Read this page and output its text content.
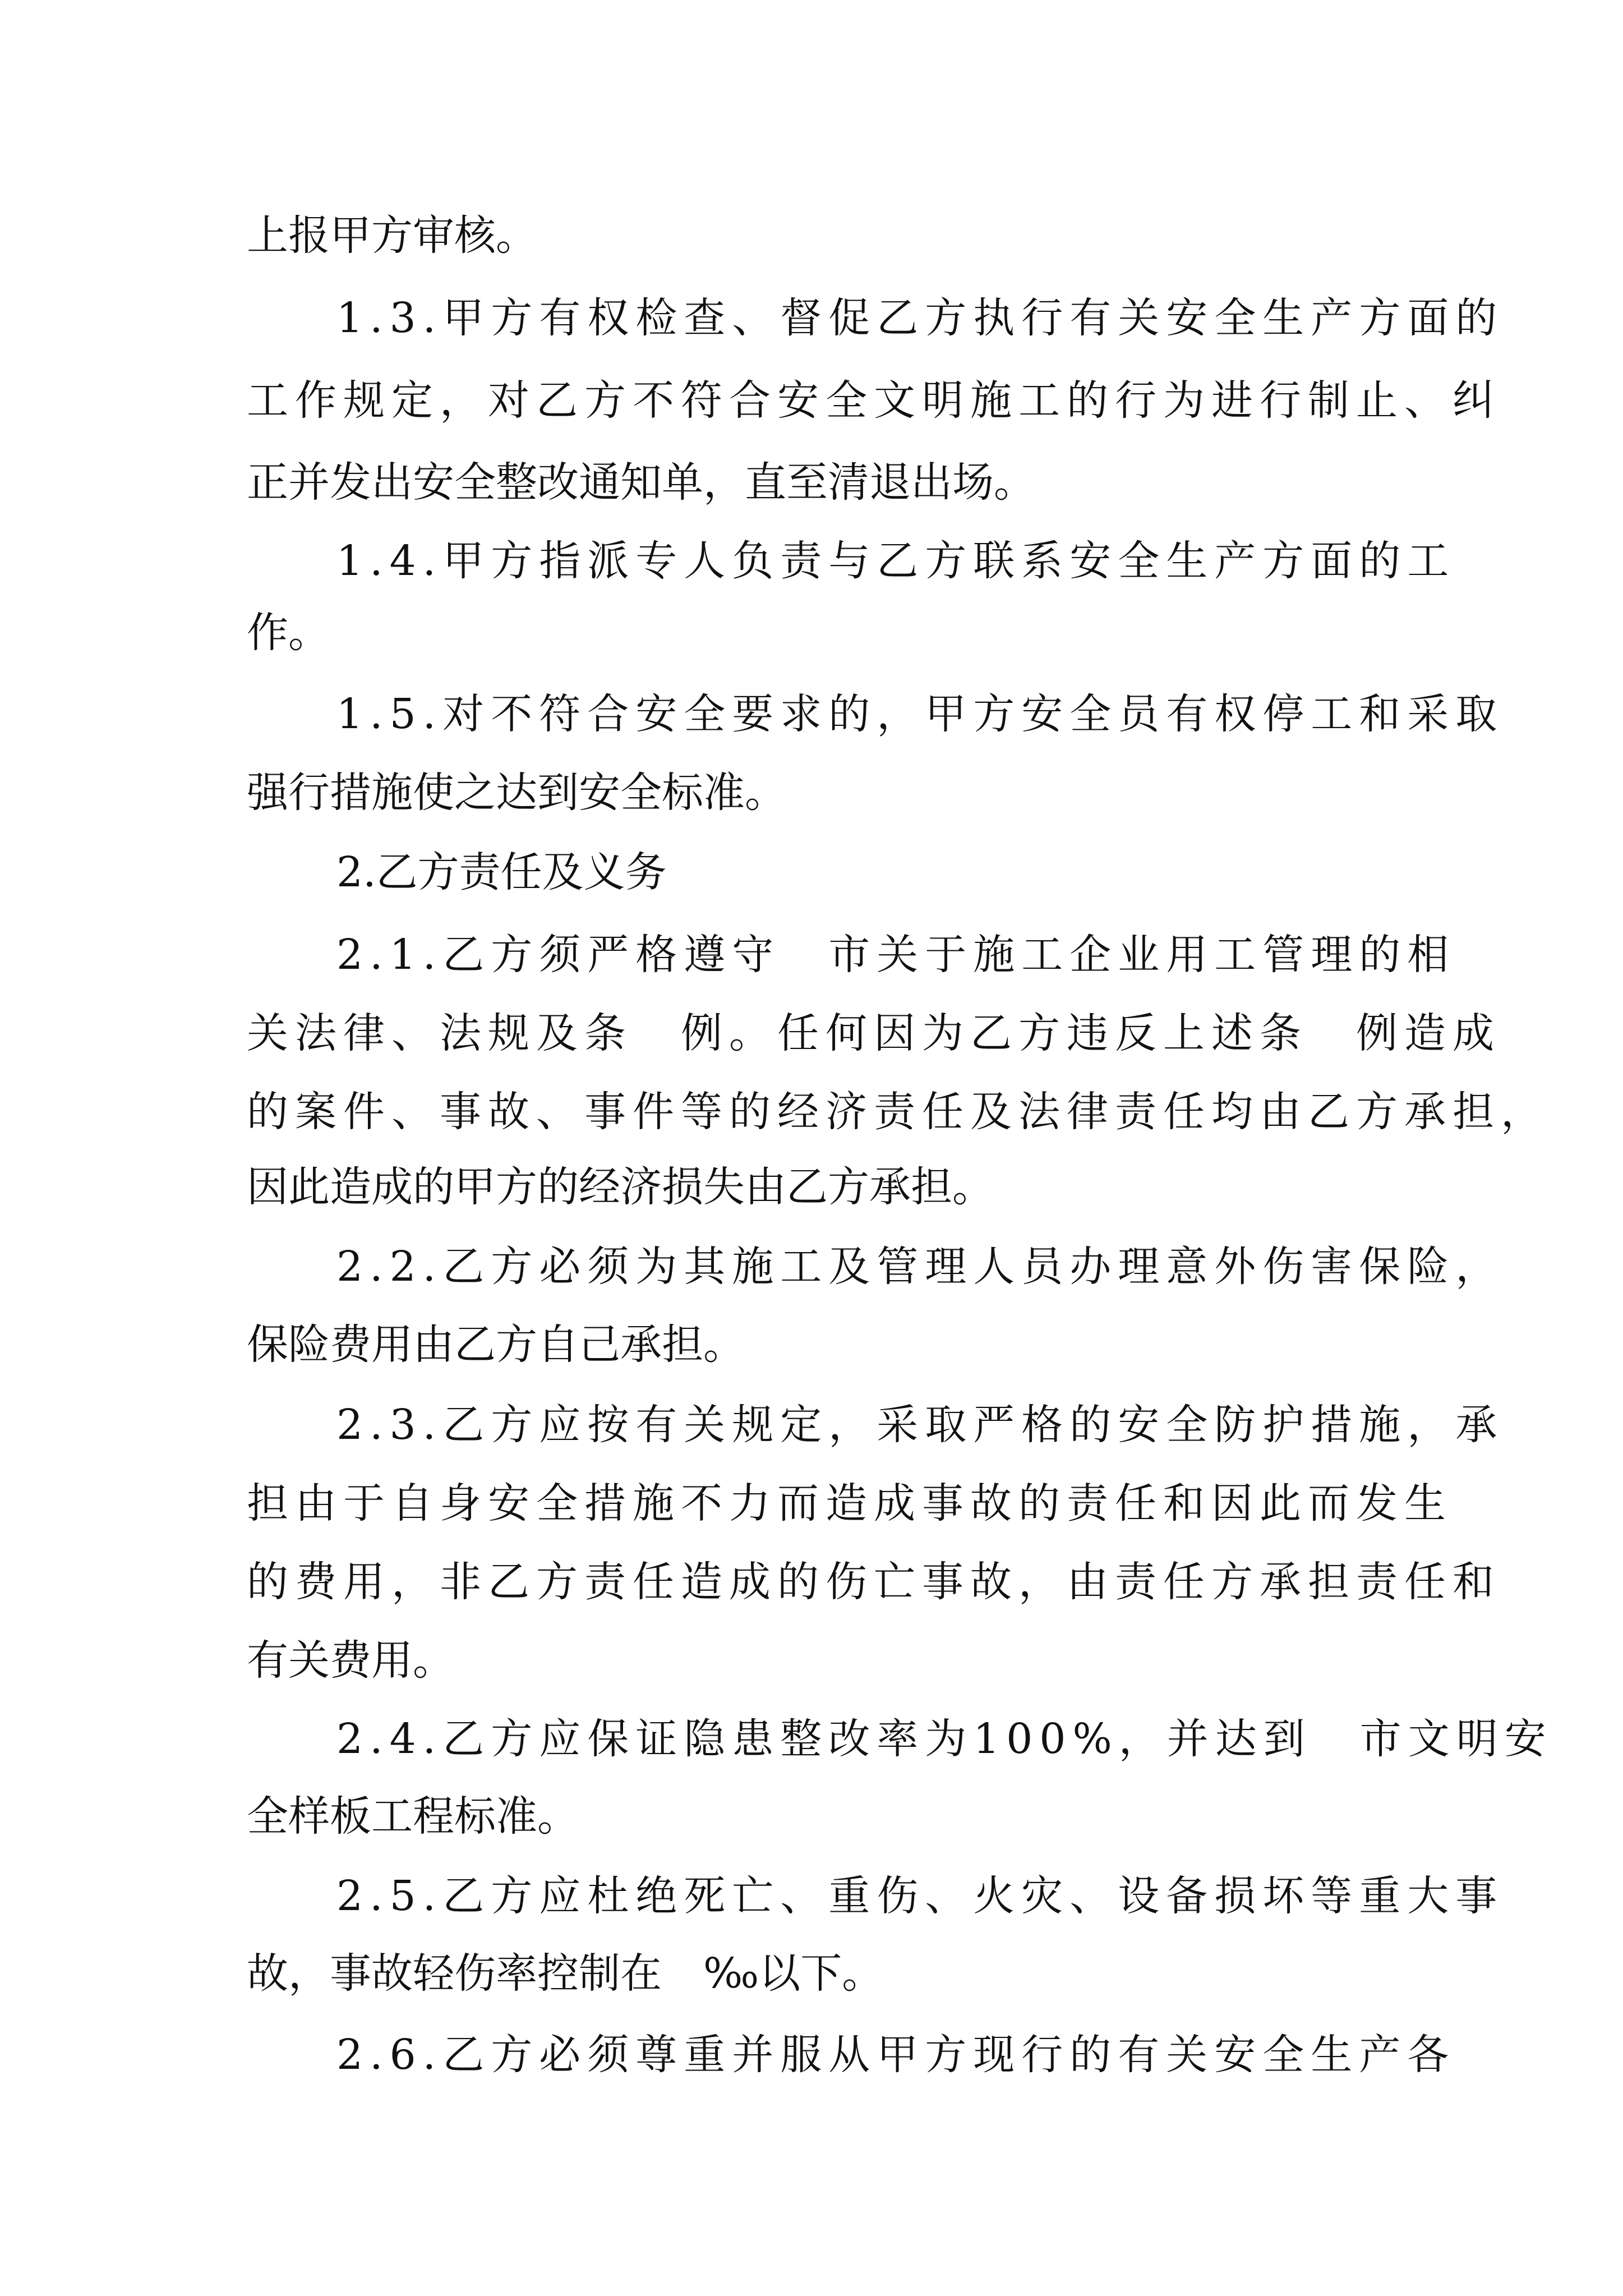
上报甲方审核。
1.3.甲方有权检查、督促乙方执行有关安全生产方面的
工作规定，对乙方不符合安全文明施工的行为进行制止、纠
正并发出安全整改通知单，直至清退出场。
1.4.甲方指派专人负责与乙方联系安全生产方面的工
作。
1.5.对不符合安全要求的，甲方安全员有权停工和采取
强行措施使之达到安全标准。
2.乙方责任及义务
2.1.乙方须严格遵守　市关于施工企业用工管理的相
关法律、法规及条　例。任何因为乙方违反上述条　例造成
的案件、事故、事件等的经济责任及法律责任均由乙方承担，
因此造成的甲方的经济损失由乙方承担。
2.2.乙方必须为其施工及管理人员办理意外伤害保险，
保险费用由乙方自己承担。
2.3.乙方应按有关规定，采取严格的安全防护措施，承
担由于自身安全措施不力而造成事故的责任和因此而发生
的费用，非乙方责任造成的伤亡事故，由责任方承担责任和
有关费用。
2.4.乙方应保证隐患整改率为100%，并达到　市文明安
全样板工程标准。
2.5.乙方应杜绝死亡、重伤、火灾、设备损坏等重大事
故，事故轻伤率控制在　‰以下。
2.6.乙方必须尊重并服从甲方现行的有关安全生产各
